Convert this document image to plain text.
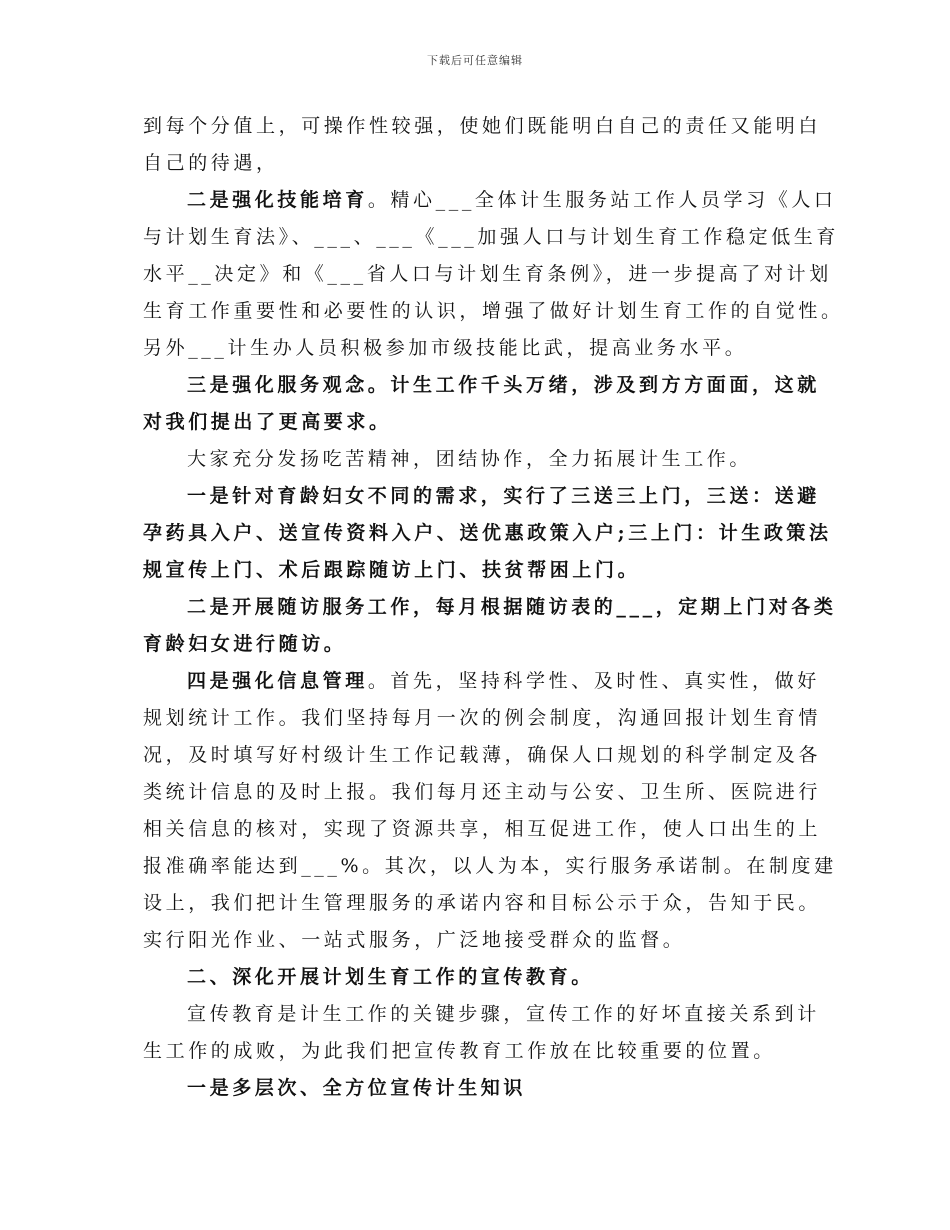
下载后可任意编辑
到每个分值上，可操作性较强，使她们既能明白自己的责任又能明白
自己的待遇，
二是强化技能培育。精心___全体计生服务站工作人员学习《人口
与计划生育法》、___、___《___加强人口与计划生育工作稳定低生育
水平__决定》和《___省人口与计划生育条例》，进一步提高了对计划
生育工作重要性和必要性的认识，增强了做好计划生育工作的自觉性。
另外___计生办人员积极参加市级技能比武，提高业务水平。
三是强化服务观念。计生工作千头万绪，涉及到方方面面，这就
对我们提出了更高要求。
大家充分发扬吃苦精神，团结协作，全力拓展计生工作。
一是针对育龄妇女不同的需求，实行了三送三上门，三送：送避
孕药具入户、送宣传资料入户、送优惠政策入户;三上门：计生政策法
规宣传上门、术后跟踪随访上门、扶贫帮困上门。
二是开展随访服务工作，每月根据随访表的___，定期上门对各类
育龄妇女进行随访。
四是强化信息管理。首先，坚持科学性、及时性、真实性，做好
规划统计工作。我们坚持每月一次的例会制度，沟通回报计划生育情
况，及时填写好村级计生工作记载薄，确保人口规划的科学制定及各
类统计信息的及时上报。我们每月还主动与公安、卫生所、医院进行
相关信息的核对，实现了资源共享，相互促进工作，使人口出生的上
报准确率能达到___%。其次，以人为本，实行服务承诺制。在制度建
设上，我们把计生管理服务的承诺内容和目标公示于众，告知于民。
实行阳光作业、一站式服务，广泛地接受群众的监督。
二、深化开展计划生育工作的宣传教育。
宣传教育是计生工作的关键步骤，宣传工作的好坏直接关系到计
生工作的成败，为此我们把宣传教育工作放在比较重要的位置。
一是多层次、全方位宣传计生知识
